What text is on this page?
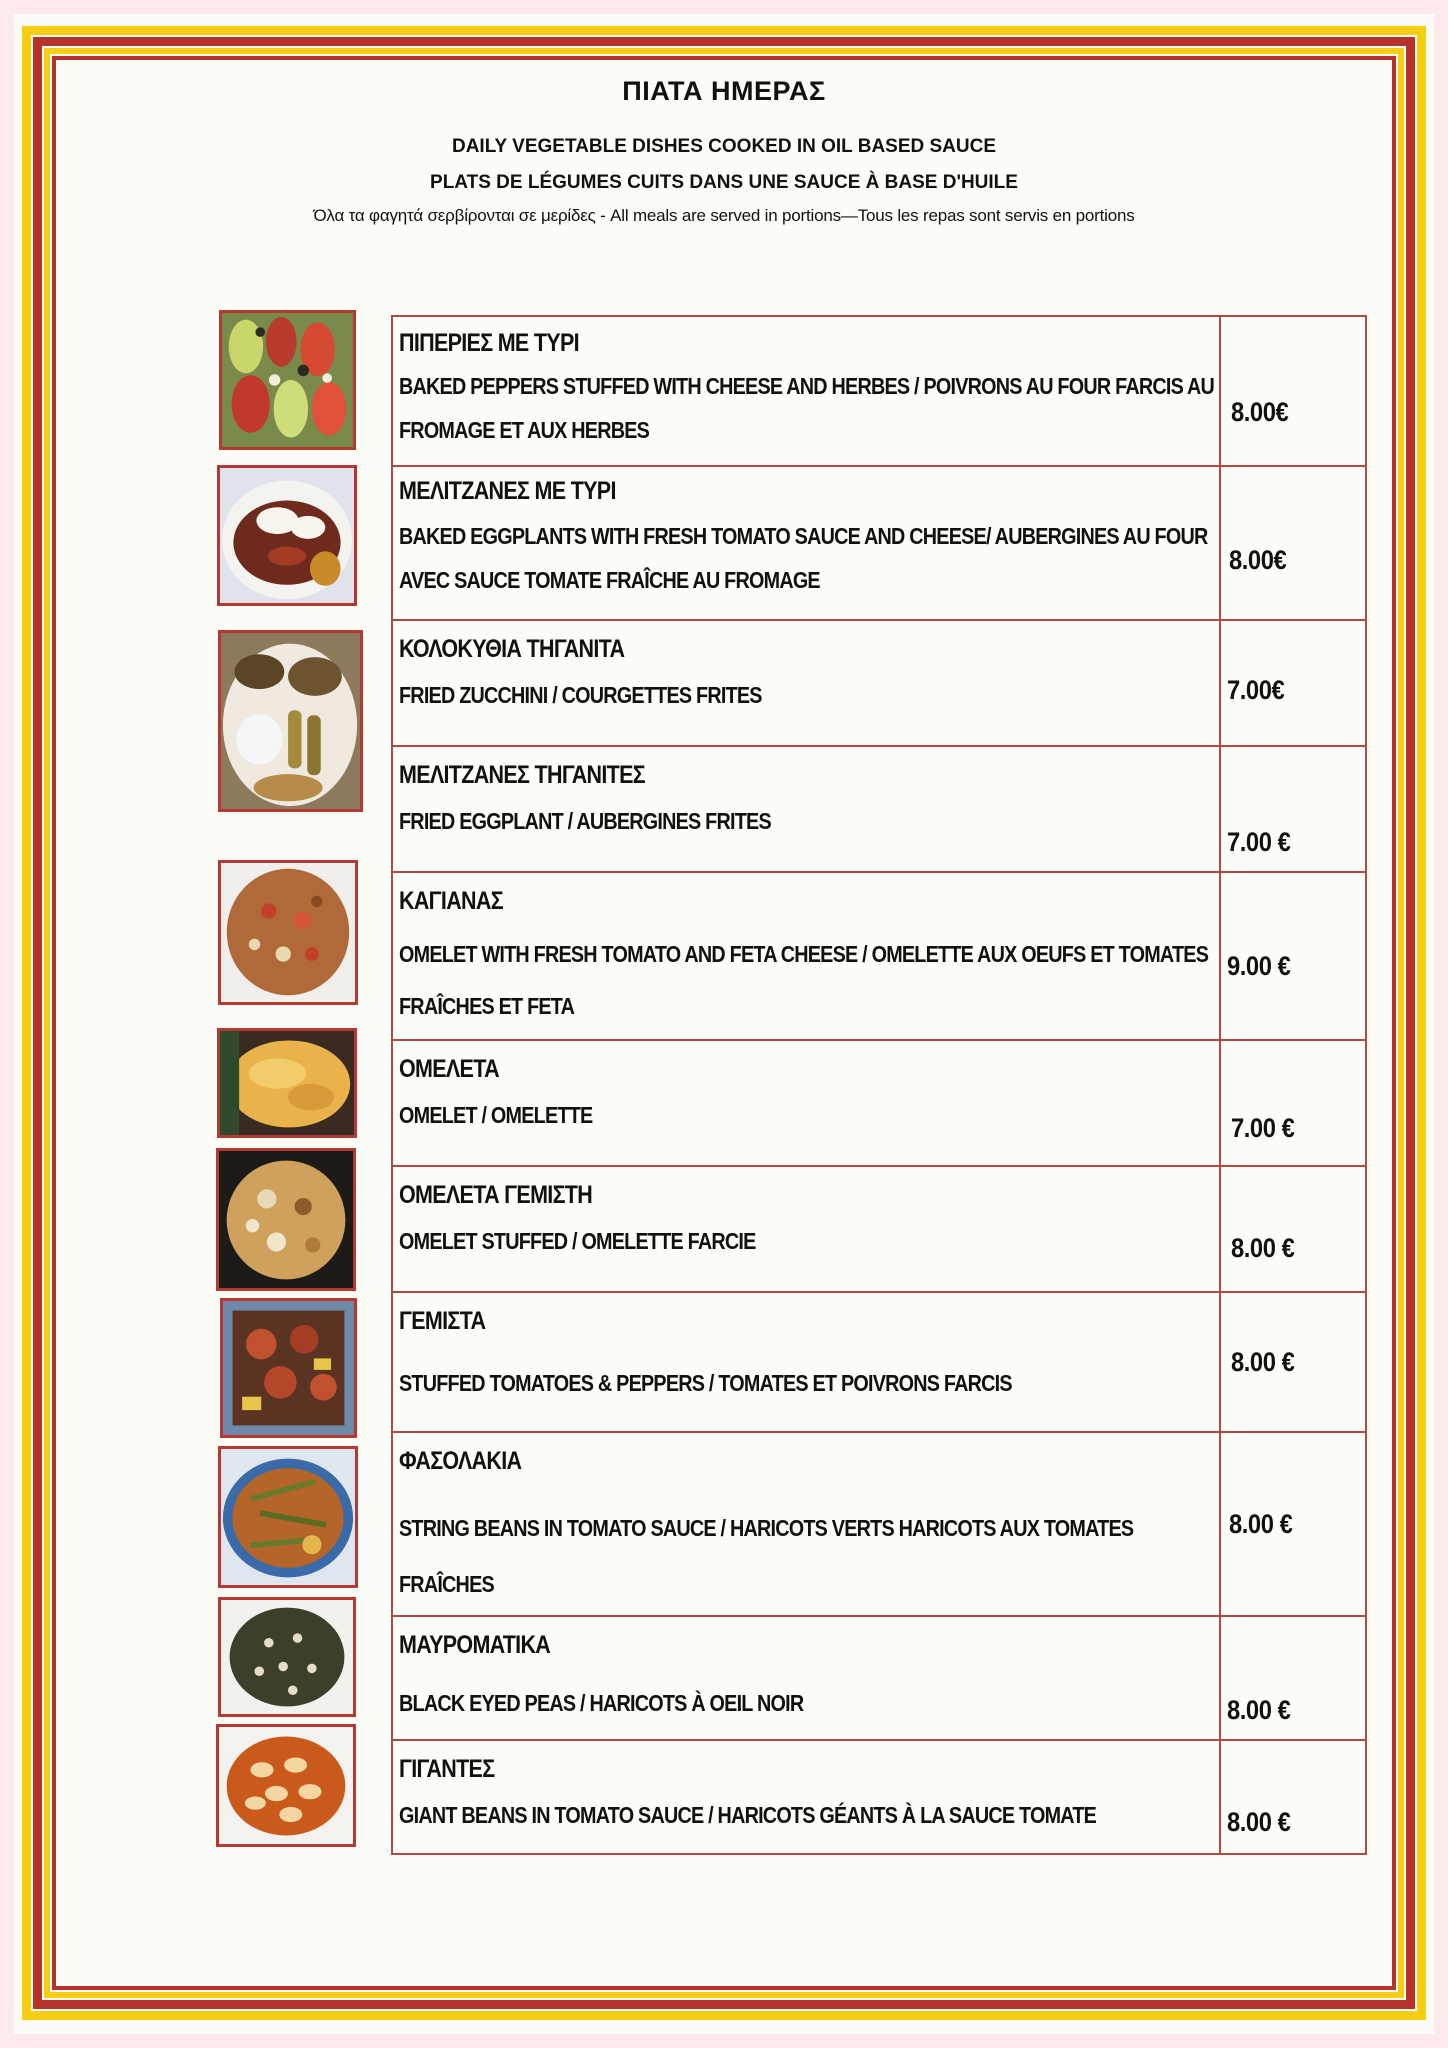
ΠΙΑΤΑ ΗΜΕΡΑΣ
DAILY VEGETABLE DISHES COOKED IN OIL BASED SAUCE
PLATS DE LÉGUMES CUITS DANS UNE SAUCE À BASE D'HUILE
Όλα τα φαγητά σερβίρονται σε μερίδες - All meals are served in portions—Tous les repas sont servis en portions
ΠΙΠΕΡΙΕΣ ΜΕ ΤΥΡΙ
BAKED PEPPERS STUFFED WITH CHEESE AND HERBES / POIVRONS AU FOUR FARCIS AU FROMAGE ET AUX HERBES
8.00€
ΜΕΛΙΤΖΑΝΕΣ ΜΕ ΤΥΡΙ
BAKED EGGPLANTS WITH FRESH TOMATO SAUCE AND CHEESE/ AUBERGINES AU FOUR AVEC SAUCE TOMATE FRAÎCHE AU FROMAGE
8.00€
ΚΟΛΟΚΥΘΙΑ ΤΗΓΑΝΙΤΑ
FRIED ZUCCHINI / COURGETTES FRITES	7.00€
ΜΕΛΙΤΖΑΝΕΣ ΤΗΓΑΝΙΤΕΣ
FRIED EGGPLANT / AUBERGINES FRITES
7.00 €
ΚΑΓΙΑΝΑΣ
OMELET WITH FRESH TOMATO AND FETA CHEESE / OMELETTE AUX OEUFS ET TOMATES FRAÎCHES ET FETA
9.00 €
ΟΜΕΛΕΤΑ
OMELET / OMELETTE	7.00 €
ΟΜΕΛΕΤΑ ΓΕΜΙΣΤΗ
OMELET STUFFED / OMELETTE FARCIE	8.00 €
ΓΕΜΙΣΤΑ
STUFFED TOMATOES & PEPPERS / TOMATES ET POIVRONS FARCIS
8.00 €
ΦΑΣΟΛΑΚΙΑ
STRING BEANS IN TOMATO SAUCE / HARICOTS VERTS HARICOTS AUX TOMATES FRAÎCHES
8.00 €
ΜΑΥΡΟΜΑΤΙΚΑ
BLACK EYED PEAS / HARICOTS À OEIL NOIR	8.00 €
ΓΙΓΑΝΤΕΣ
GIANT BEANS IN TOMATO SAUCE / HARICOTS GÉANTS À LA SAUCE TOMATE	8.00 €
